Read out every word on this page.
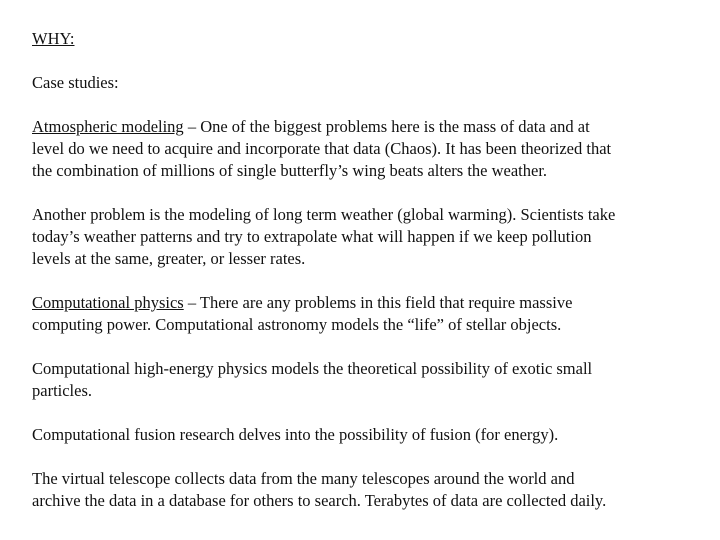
WHY:

Case studies:

Atmospheric modeling – One of the biggest problems here is the mass of data and at

level do we need to acquire and incorporate that data (Chaos). It has been theorized that

the combination of millions of single butterfly’s wing beats alters the weather.

Another problem is the modeling of long term weather (global warming). Scientists take

today’s weather patterns and try to extrapolate what will happen if we keep pollution

levels at the same, greater, or lesser rates.

Computational physics – There are any problems in this field that require massive

computing power. Computational astronomy models the “life” of stellar objects.

Computational high-energy physics models the theoretical possibility of exotic small

particles.

Computational fusion research delves into the possibility of fusion (for energy).

The virtual telescope collects data from the many telescopes around the world and

archive the data in a database for others to search. Terabytes of data are collected daily.
